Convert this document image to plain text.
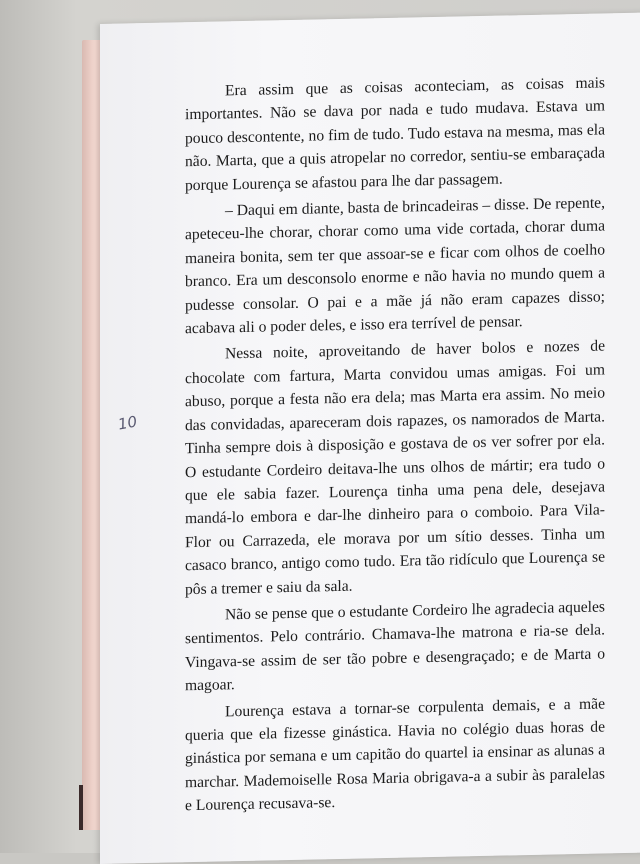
Era assim que as coisas aconteciam, as coisas mais importantes. Não se dava por nada e tudo mudava. Estava um pouco descontente, no fim de tudo. Tudo estava na mesma, mas ela não. Marta, que a quis atropelar no corredor, sentiu-se embaraçada porque Lourença se afastou para lhe dar passagem.

– Daqui em diante, basta de brincadeiras – disse. De repente, apeteceu-lhe chorar, chorar como uma vide cortada, chorar duma maneira bonita, sem ter que assoar-se e ficar com olhos de coelho branco. Era um desconsolo enorme e não havia no mundo quem a pudesse consolar. O pai e a mãe já não eram capazes disso; acabava ali o poder deles, e isso era terrível de pensar.

Nessa noite, aproveitando de haver bolos e nozes de chocolate com fartura, Marta convidou umas amigas. Foi um abuso, porque a festa não era dela; mas Marta era assim. No meio das convidadas, apareceram dois rapazes, os namorados de Marta. Tinha sempre dois à disposição e gostava de os ver sofrer por ela. O estudante Cordeiro deitava-lhe uns olhos de mártir; era tudo o que ele sabia fazer. Lourença tinha uma pena dele, desejava mandá-lo embora e dar-lhe dinheiro para o comboio. Para Vila-Flor ou Carrazeda, ele morava por um sítio desses. Tinha um casaco branco, antigo como tudo. Era tão ridículo que Lourença se pôs a tremer e saiu da sala.

Não se pense que o estudante Cordeiro lhe agradecia aqueles sentimentos. Pelo contrário. Chamava-lhe matrona e ria-se dela. Vingava-se assim de ser tão pobre e desengraçado; e de Marta o magoar.

Lourença estava a tornar-se corpulenta demais, e a mãe queria que ela fizesse ginástica. Havia no colégio duas horas de ginástica por semana e um capitão do quartel ia ensinar as alunas a marchar. Mademoiselle Rosa Maria obrigava-a a subir às paralelas e Lourença recusava-se.

10
